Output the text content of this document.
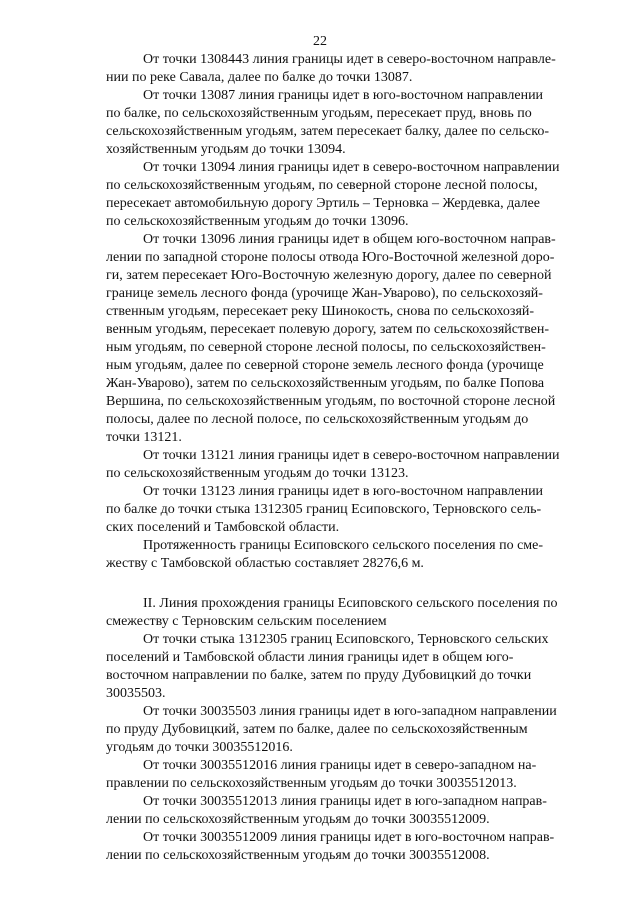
22
От точки 1308443 линия границы идет в северо-восточном направле-
нии по реке Савала, далее по балке до точки 13087.
От точки 13087 линия границы идет в юго-восточном направлении
по балке, по сельскохозяйственным угодьям, пересекает пруд, вновь по
сельскохозяйственным угодьям, затем пересекает балку, далее по сельско-
хозяйственным угодьям до точки 13094.
От точки 13094 линия границы идет в северо-восточном направлении
по сельскохозяйственным угодьям, по северной стороне лесной полосы,
пересекает автомобильную дорогу Эртиль – Терновка – Жердевка, далее
по сельскохозяйственным угодьям до точки 13096.
От точки 13096 линия границы идет в общем юго-восточном направ-
лении по западной стороне полосы отвода Юго-Восточной железной доро-
ги, затем пересекает Юго-Восточную железную дорогу, далее по северной
границе земель лесного фонда (урочище Жан-Уварово), по сельскохозяй-
ственным угодьям, пересекает реку Шинокость, снова по сельскохозяй-
венным угодьям, пересекает полевую дорогу, затем по сельскохозяйствен-
ным угодьям, по северной стороне лесной полосы, по сельскохозяйствен-
ным угодьям, далее по северной стороне земель лесного фонда (урочище
Жан-Уварово), затем по сельскохозяйственным угодьям, по балке Попова
Вершина, по сельскохозяйственным угодьям, по восточной стороне лесной
полосы, далее по лесной полосе, по сельскохозяйственным угодьям до
точки 13121.
От точки 13121 линия границы идет в северо-восточном направлении
по сельскохозяйственным угодьям до точки 13123.
От точки 13123 линия границы идет в юго-восточном направлении
по балке до точки стыка 1312305 границ Есиповского, Терновского сель-
ских поселений и Тамбовской области.
Протяженность границы Есиповского сельского поселения по сме-
жеству с Тамбовской областью составляет 28276,6 м.
II. Линия прохождения границы Есиповского сельского поселения по
смежеству с Терновским сельским поселением
От точки стыка 1312305 границ Есиповского, Терновского сельских
поселений и Тамбовской области линия границы идет в общем юго-
восточном направлении по балке, затем по пруду Дубовицкий до точки
30035503.
От точки 30035503 линия границы идет в юго-западном направлении
по пруду Дубовицкий, затем по балке, далее по сельскохозяйственным
угодьям до точки 30035512016.
От точки 30035512016 линия границы идет в северо-западном на-
правлении по сельскохозяйственным угодьям до точки 30035512013.
От точки 30035512013 линия границы идет в юго-западном направ-
лении по сельскохозяйственным угодьям до точки 30035512009.
От точки 30035512009 линия границы идет в юго-восточном направ-
лении по сельскохозяйственным угодьям до точки 30035512008.
